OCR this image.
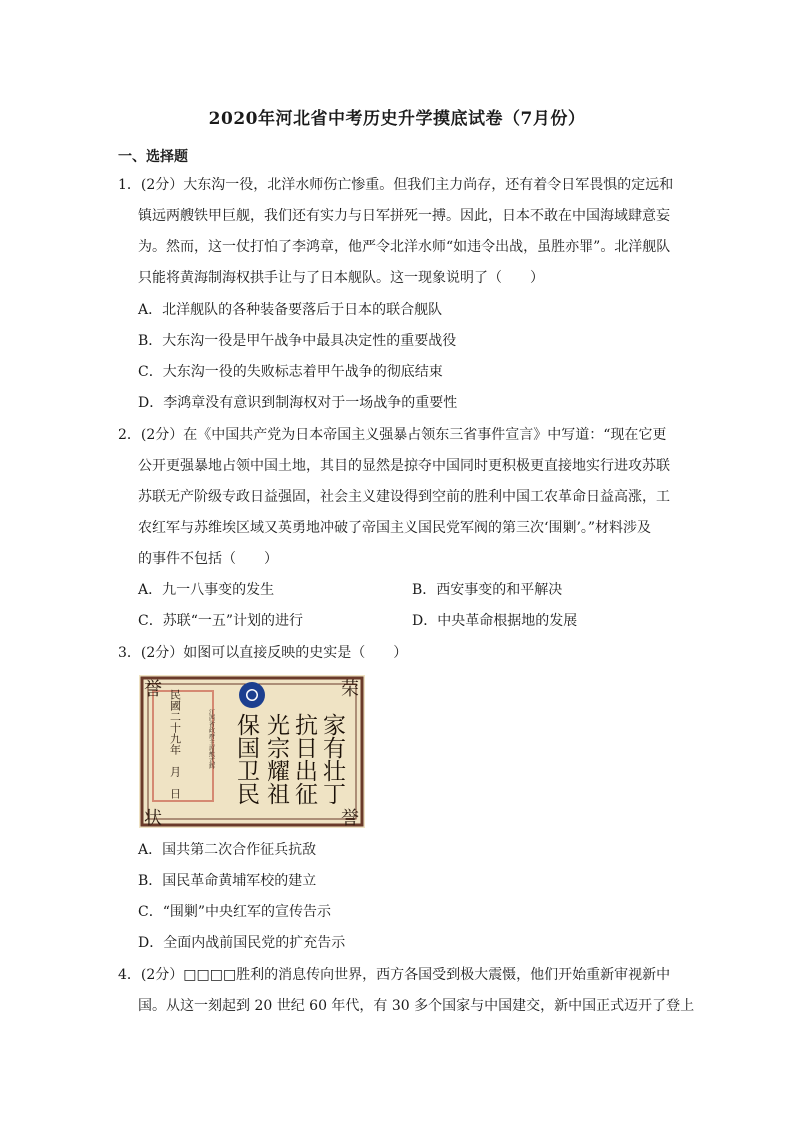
2020年河北省中考历史升学摸底试卷（7月份）
一、选择题
1．(2分）大东沟一役，北洋水师伤亡惨重。但我们主力尚存，还有着令日军畏惧的定远和
镇远两艘铁甲巨舰，我们还有实力与日军拼死一搏。因此，日本不敢在中国海域肆意妄
为。然而，这一仗打怕了李鸿章，他严令北洋水师“如违令出战，虽胜亦罪”。北洋舰队
只能将黄海制海权拱手让与了日本舰队。这一现象说明了（　　）
A．北洋舰队的各种装备要落后于日本的联合舰队
B．大东沟一役是甲午战争中最具决定性的重要战役
C．大东沟一役的失败标志着甲午战争的彻底结束
D．李鸿章没有意识到制海权对于一场战争的重要性
2．(2分）在《中国共产党为日本帝国主义强暴占领东三省事件宣言》中写道：“现在它更
公开更强暴地占领中国土地，其目的显然是掠夺中国同时更积极更直接地实行进攻苏联
苏联无产阶级专政日益强固，社会主义建设得到空前的胜利中国工农革命日益高涨，工
农红军与苏维埃区域又英勇地冲破了帝国主义国民党军阀的第三次‘围剿’。”材料涉及
的事件不包括（　　）
A．九一八事变的发生	B．西安事变的和平解决
C．苏联“一五”计划的进行	D．中央革命根据地的发展
3．(2分）如图可以直接反映的史实是（　　）
誉	荣
状	誉
民國二十九年　月　日	江西省政府主席熊式辉	家有壮丁
抗日出征
光宗耀祖
保国卫民
A．国共第二次合作征兵抗敌
B．国民革命黄埔军校的建立
C．“围剿”中央红军的宣传告示
D．全面内战前国民党的扩充告示
4．(2分）□□□□胜利的消息传向世界，西方各国受到极大震慑，他们开始重新审视新中
国。从这一刻起到 20 世纪 60 年代，有 30 多个国家与中国建交，新中国正式迈开了登上
